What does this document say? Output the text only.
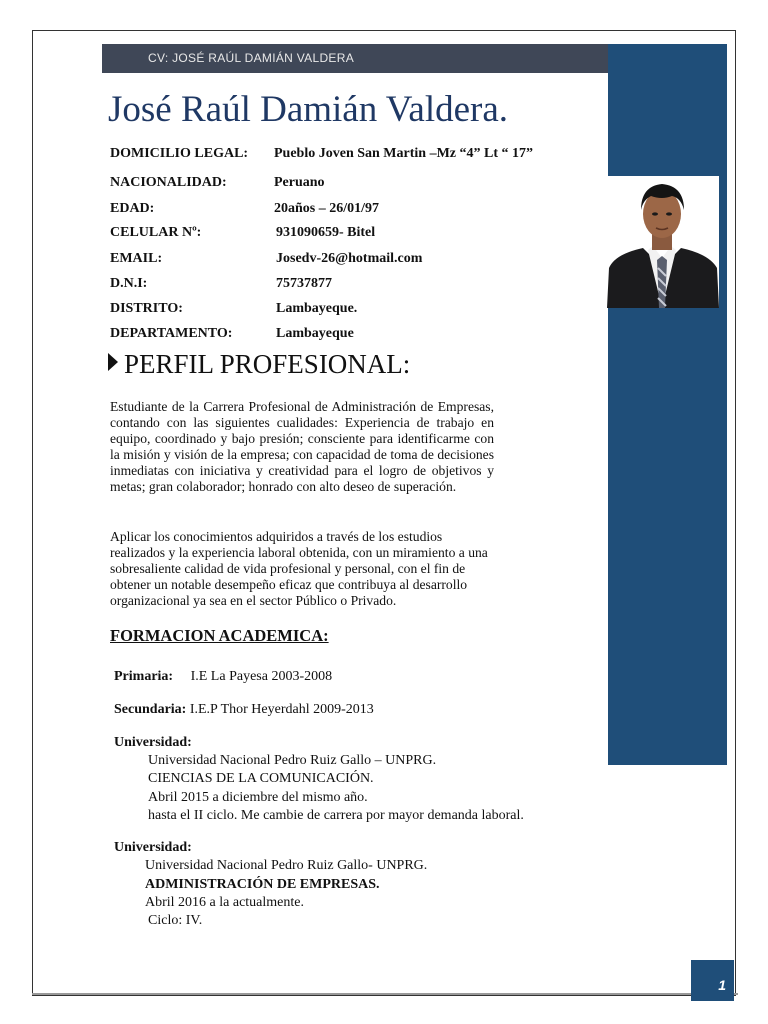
CV: JOSÉ RAÚL DAMIÁN VALDERA
José Raúl Damián Valdera.
DOMICILIO LEGAL: Pueblo Joven San Martin –Mz “4” Lt “ 17”
NACIONALIDAD:	Peruano
EDAD:	20años – 26/01/97
CELULAR Nº:	931090659- Bitel
EMAIL:	Josedv-26@hotmail.com
D.N.I:	75737877
DISTRITO:	Lambayeque.
DEPARTAMENTO:	Lambayeque
PERFIL PROFESIONAL:
Estudiante de la Carrera Profesional de Administración de Empresas, contando con las siguientes cualidades: Experiencia de trabajo en equipo, coordinado y bajo presión; consciente para identificarme con la misión y visión de la empresa; con capacidad de toma de decisiones inmediatas con iniciativa y creatividad para el logro de objetivos y metas; gran colaborador; honrado con alto deseo de superación.
Aplicar los conocimientos adquiridos a través de los estudios realizados y la experiencia laboral obtenida, con un miramiento a una sobresaliente calidad de vida profesional y personal, con el fin de obtener un notable desempeño eficaz que contribuya al desarrollo organizacional ya sea en el sector Público o Privado.
FORMACION ACADEMICA:
Primaria: I.E La Payesa 2003-2008
Secundaria: I.E.P Thor Heyerdahl 2009-2013
Universidad:
Universidad Nacional Pedro Ruiz Gallo – UNPRG.
CIENCIAS DE LA COMUNICACIÓN.
Abril 2015 a diciembre del mismo año.
hasta el II ciclo. Me cambie de carrera por mayor demanda laboral.
Universidad:
Universidad Nacional Pedro Ruiz Gallo- UNPRG.
ADMINISTRACIÓN DE EMPRESAS.
Abril 2016 a la actualmente.
Ciclo: IV.
1
